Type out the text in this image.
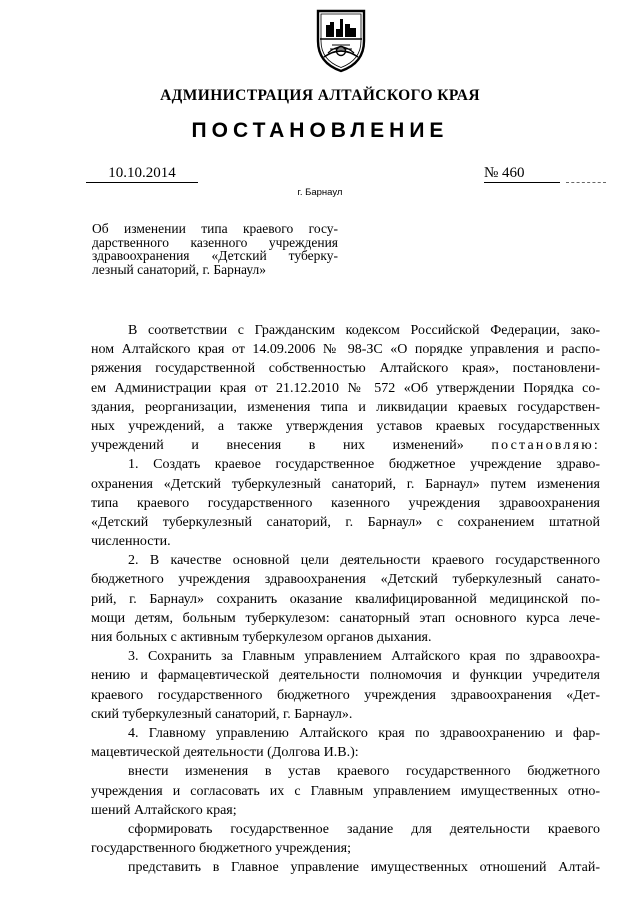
АДМИНИСТРАЦИЯ АЛТАЙСКОГО КРАЯ
ПОСТАНОВЛЕНИЕ
10.10.2014	№ 460
г. Барнаул
Об изменении типа краевого госу-
дарственного казенного учреждения
здравоохранения «Детский туберку-
лезный санаторий, г. Барнаул»
В соответствии с Гражданским кодексом Российской Федерации, зако-
ном Алтайского края от 14.09.2006 № 98-ЗС «О порядке управления и распо-
ряжения государственной собственностью Алтайского края», постановлени-
ем Администрации края от 21.12.2010 № 572 «Об утверждении Порядка со-
здания, реорганизации, изменения типа и ликвидации краевых государствен-
ных учреждений, а также утверждения уставов краевых государственных
учреждений и внесения в них изменений» постановляю:
1. Создать краевое государственное бюджетное учреждение здраво-
охранения «Детский туберкулезный санаторий, г. Барнаул» путем изменения
типа краевого государственного казенного учреждения здравоохранения
«Детский туберкулезный санаторий, г. Барнаул» с сохранением штатной
численности.
2. В качестве основной цели деятельности краевого государственного
бюджетного учреждения здравоохранения «Детский туберкулезный санато-
рий, г. Барнаул» сохранить оказание квалифицированной медицинской по-
мощи детям, больным туберкулезом: санаторный этап основного курса лече-
ния больных с активным туберкулезом органов дыхания.
3. Сохранить за Главным управлением Алтайского края по здравоохра-
нению и фармацевтической деятельности полномочия и функции учредителя
краевого государственного бюджетного учреждения здравоохранения «Дет-
ский туберкулезный санаторий, г. Барнаул».
4. Главному управлению Алтайского края по здравоохранению и фар-
мацевтической деятельности (Долгова И.В.):
внести изменения в устав краевого государственного бюджетного
учреждения и согласовать их с Главным управлением имущественных отно-
шений Алтайского края;
сформировать государственное задание для деятельности краевого
государственного бюджетного учреждения;
представить в Главное управление имущественных отношений Алтай-
